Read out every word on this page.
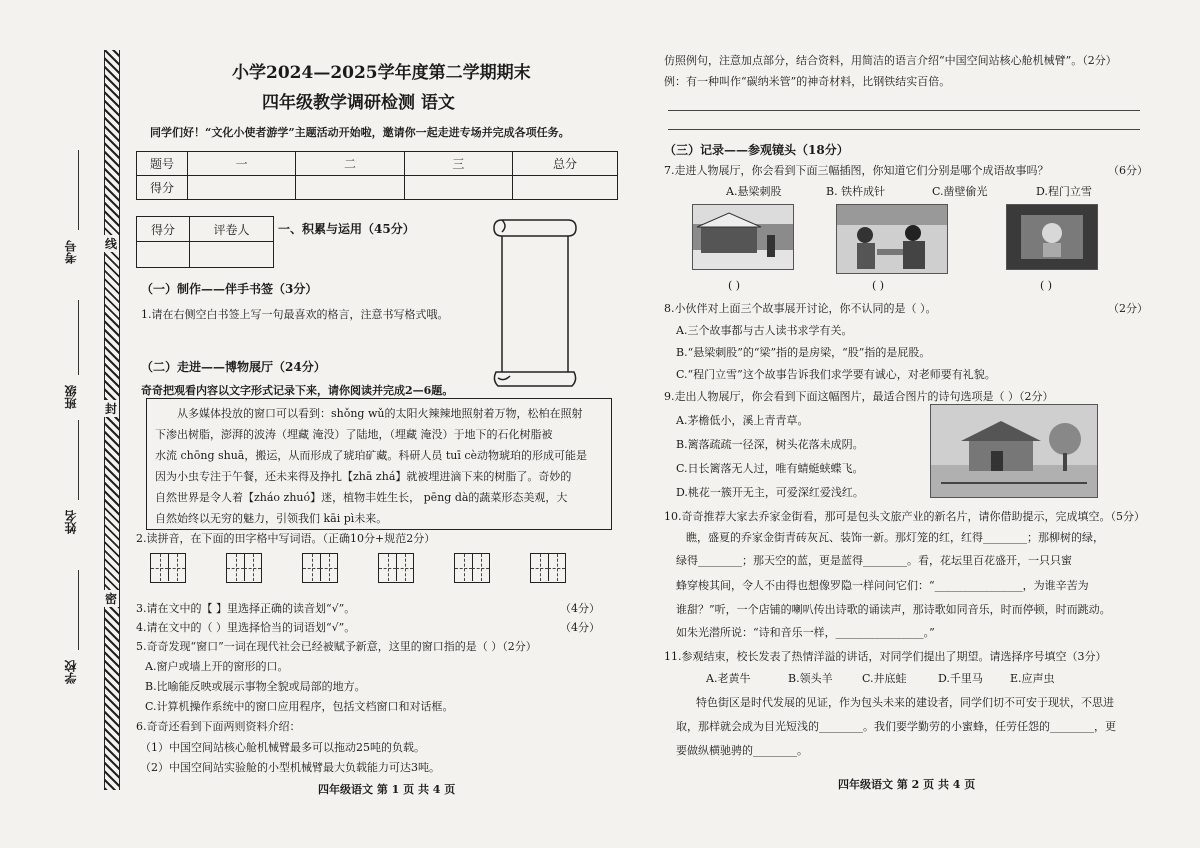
考号
班级
姓名
学校
线
封
密
小学2024—2025学年度第二学期期末
四年级教学调研检测 语文
同学们好！“文化小使者游学”主题活动开始啦，邀请你一起走进专场并完成各项任务。
题号	一	二	三	总分
得分				
得分	评卷人
	一、积累与运用（45分）
（一）制作——伴手书签（3分）
1.请在右侧空白书签上写一句最喜欢的格言，注意书写格式哦。
（二）走进——博物展厅（24分）
奇奇把观看内容以文字形式记录下来，请你阅读并完成2—6题。
从多媒体投放的窗口可以看到：shǒng wǔ的太阳火辣辣地照射着万物，松柏在照射
下渗出树脂，澎湃的波涛（埋藏 淹没）了陆地，（埋藏 淹没）于地下的石化树脂被
水流 chōng shuā，搬运，从而形成了琥珀矿藏。科研人员 tuī cè动物琥珀的形成可能是
因为小虫专注于午餐，还未来得及挣扎【zhā zhá】就被埋进滴下来的树脂了。奇妙的
自然世界是令人着【zháo zhuó】迷，植物丰姓生长， pēng dà的蔬菜形态美观，大
自然始终以无穷的魅力，引领我们 kāi pì未来。
2.读拼音，在下面的田字格中写词语。（正确10分+规范2分）
3.请在文中的【 】里选择正确的读音划“√”。	（4分）
4.请在文中的（ ）里选择恰当的词语划“√”。	（4分）
5.奇奇发现“窗口”一词在现代社会已经被赋予新意，这里的窗口指的是（ ）（2分）
A.窗户或墙上开的窗形的口。
B.比喻能反映或展示事物全貌或局部的地方。
C.计算机操作系统中的窗口应用程序，包括文档窗口和对话框。
6.奇奇还看到下面两则资料介绍：
（1）中国空间站核心舱机械臂最多可以拖动25吨的负载。
（2）中国空间站实验舱的小型机械臂最大负载能力可达3吨。
四年级语文 第 1 页 共 4 页
仿照例句，注意加点部分，结合资料，用简洁的语言介绍“中国空间站核心舱机械臂”。（2分）
例：有一种叫作“碳纳米管”的神奇材料，比钢铁结实百倍。
（三）记录——参观镜头（18分）
7.走进人物展厅，你会看到下面三幅插图，你知道它们分别是哪个成语故事吗？	（6分）
A.悬梁刺股	B. 铁杵成针	C.凿壁偷光	D.程门立雪
( )	( )	( )
8.小伙伴对上面三个故事展开讨论，你不认同的是（ ）。	（2分）
A.三个故事都与古人读书求学有关。
B.“悬梁刺股”的“梁”指的是房梁，“股”指的是屁股。
C.“程门立雪”这个故事告诉我们求学要有诚心，对老师要有礼貌。
9.走出人物展厅，你会看到下面这幅图片，最适合图片的诗句选项是（ ）（2分）
A.茅檐低小，溪上青青草。
B.篱落疏疏一径深，树头花落未成阴。
C.日长篱落无人过，唯有蜻蜓蛱蝶飞。
D.桃花一簇开无主，可爱深红爱浅红。
10.奇奇推荐大家去乔家金街看，那可是包头文旅产业的新名片，请你借助提示，完成填空。（5分）
瞧，盛夏的乔家金街青砖灰瓦、装饰一新。那灯笼的红，红得________；那柳树的绿，
绿得________；那天空的蓝，更是蓝得________。看，花坛里百花盛开，一只只蜜
蜂穿梭其间，令人不由得也想像罗隐一样问问它们：“________________，为谁辛苦为
谁甜？”听，一个店铺的喇叭传出诗歌的诵读声，那诗歌如同音乐，时而停顿，时而跳动。
如朱光潜所说：“诗和音乐一样，________________。”
11.参观结束，校长发表了热情洋溢的讲话，对同学们提出了期望。请选择序号填空（3分）
A.老黄牛	B.领头羊	C.井底蛙	D.千里马 E.应声虫
特色街区是时代发展的见证，作为包头未来的建设者，同学们切不可安于现状，不思进
取，那样就会成为目光短浅的________。我们要学勤劳的小蜜蜂，任劳任怨的________，更
要做纵横驰骋的________。
四年级语文 第 2 页 共 4 页
